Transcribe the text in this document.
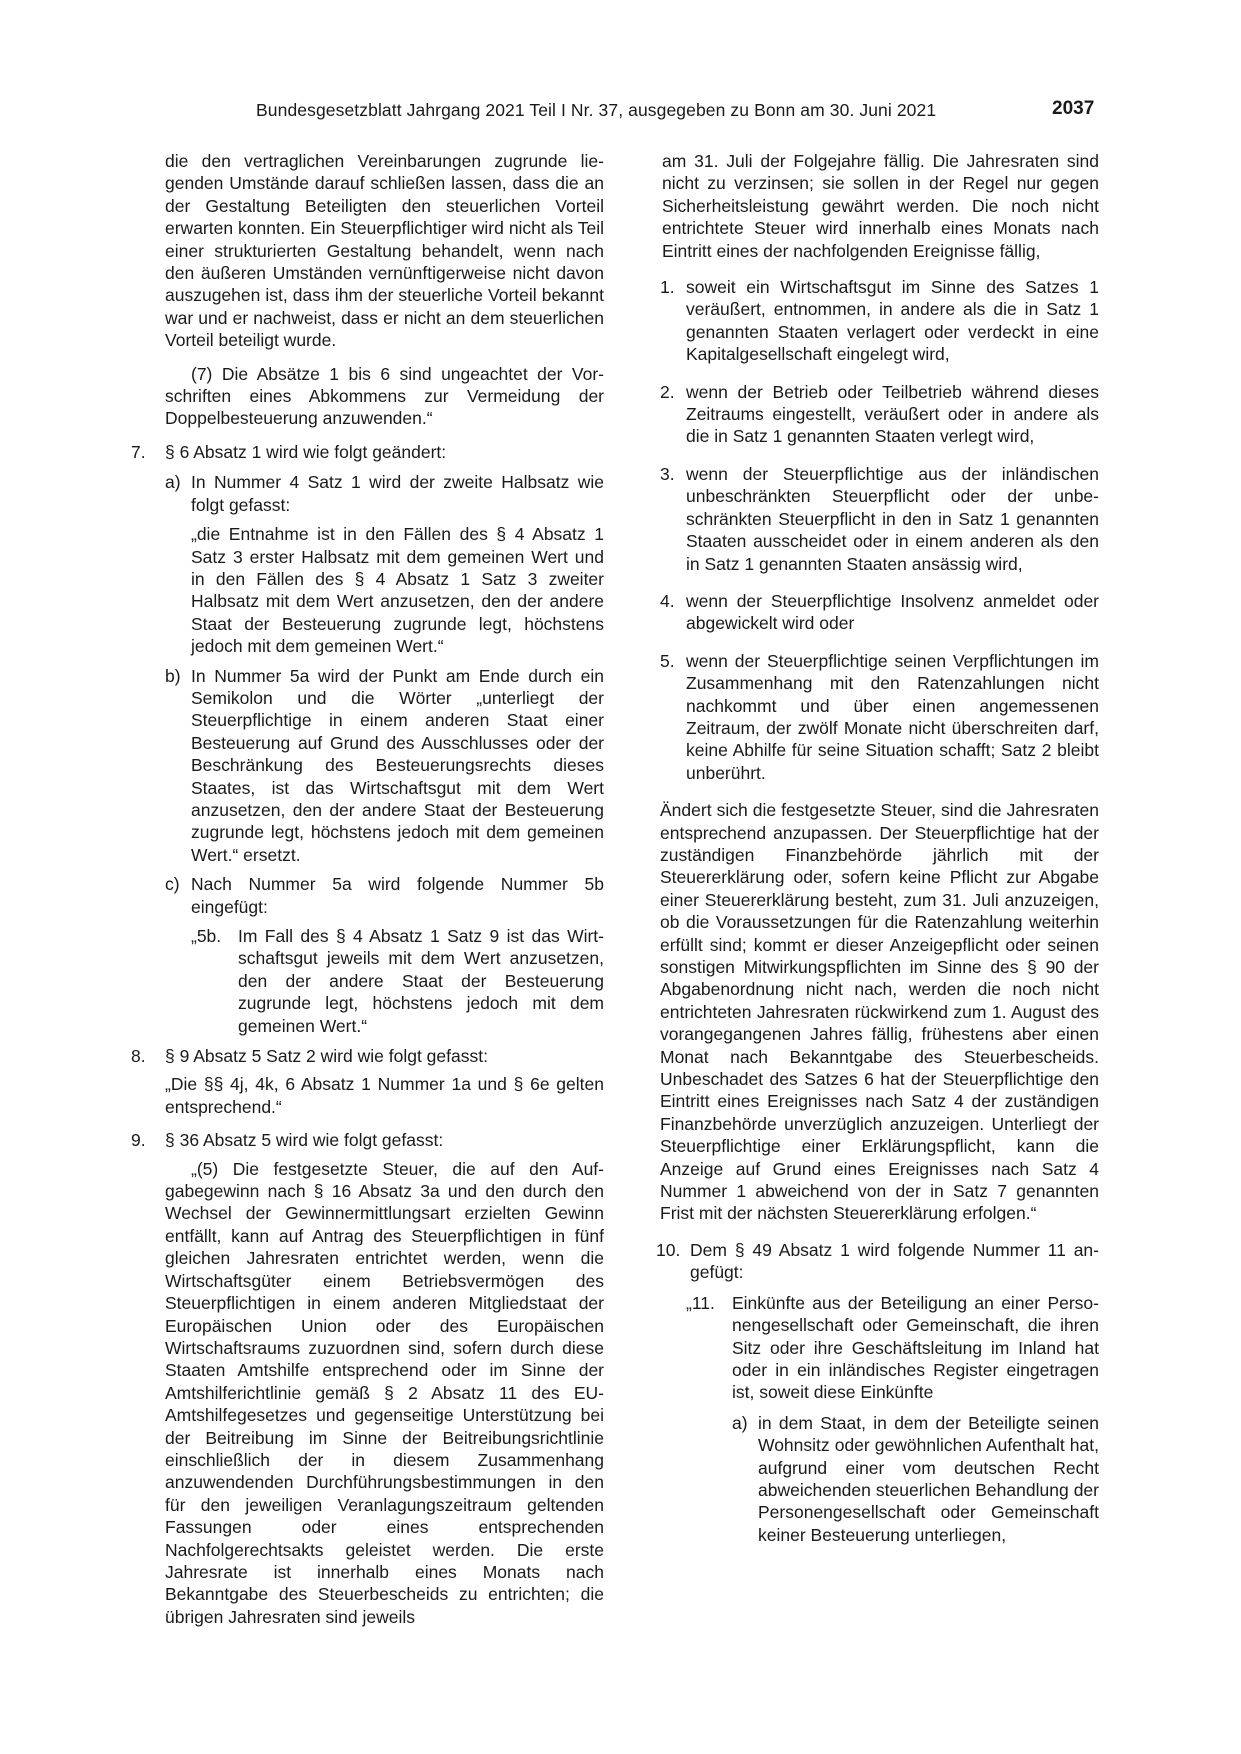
Bundesgesetzblatt Jahrgang 2021 Teil I Nr. 37, ausgegeben zu Bonn am 30. Juni 2021	2037

die den vertraglichen Vereinbarungen zugrunde liegenden Umstände darauf schließen lassen, dass die an der Gestaltung Beteiligten den steuerlichen Vorteil erwarten konnten. Ein Steuerpflichtiger wird nicht als Teil einer strukturierten Gestaltung behandelt, wenn nach den äußeren Umständen vernünftigerweise nicht davon auszugehen ist, dass ihm der steuerliche Vorteil bekannt war und er nachweist, dass er nicht an dem steuerlichen Vorteil beteiligt wurde.

(7) Die Absätze 1 bis 6 sind ungeachtet der Vorschriften eines Abkommens zur Vermeidung der Doppelbesteuerung anzuwenden.“

7.	§ 6 Absatz 1 wird wie folgt geändert:
a) In Nummer 4 Satz 1 wird der zweite Halbsatz wie folgt gefasst:

„die Entnahme ist in den Fällen des § 4 Absatz 1 Satz 3 erster Halbsatz mit dem gemeinen Wert und in den Fällen des § 4 Absatz 1 Satz 3 zweiter Halbsatz mit dem Wert anzusetzen, den der andere Staat der Besteuerung zugrunde legt, höchstens jedoch mit dem gemeinen Wert.“

b) In Nummer 5a wird der Punkt am Ende durch ein Semikolon und die Wörter „unterliegt der Steuerpflichtige in einem anderen Staat einer Besteuerung auf Grund des Ausschlusses oder der Beschränkung des Besteuerungsrechts dieses Staates, ist das Wirtschaftsgut mit dem Wert anzusetzen, den der andere Staat der Besteuerung zugrunde legt, höchstens jedoch mit dem gemeinen Wert.“ ersetzt.
c) Nach Nummer 5a wird folgende Nummer 5b eingefügt:
„5b. Im Fall des § 4 Absatz 1 Satz 9 ist das Wirtschaftsgut jeweils mit dem Wert anzusetzen, den der andere Staat der Besteuerung zugrunde legt, höchstens jedoch mit dem gemeinen Wert.“
8.	§ 9 Absatz 5 Satz 2 wird wie folgt gefasst:

„Die §§ 4j, 4k, 6 Absatz 1 Nummer 1a und § 6e gelten entsprechend.“

9.	§ 36 Absatz 5 wird wie folgt gefasst:

„(5) Die festgesetzte Steuer, die auf den Aufgabegewinn nach § 16 Absatz 3a und den durch den Wechsel der Gewinnermittlungsart erzielten Gewinn entfällt, kann auf Antrag des Steuerpflichtigen in fünf gleichen Jahresraten entrichtet werden, wenn die Wirtschaftsgüter einem Betriebsvermögen des Steuerpflichtigen in einem anderen Mitgliedstaat der Europäischen Union oder des Europäischen Wirtschaftsraums zuzuordnen sind, sofern durch diese Staaten Amtshilfe entsprechend oder im Sinne der Amtshilferichtlinie gemäß § 2 Absatz 11 des EU-Amtshilfegesetzes und gegenseitige Unterstützung bei der Beitreibung im Sinne der Beitreibungsrichtlinie einschließlich der in diesem Zusammenhang anzuwendenden Durchführungsbestimmungen in den für den jeweiligen Veranlagungszeitraum geltenden Fassungen oder eines entsprechenden Nachfolgerechtsakts geleistet werden. Die erste Jahresrate ist innerhalb eines Monats nach Bekanntgabe des Steuerbescheids zu entrichten; die übrigen Jahresraten sind jeweils

am 31. Juli der Folgejahre fällig. Die Jahresraten sind nicht zu verzinsen; sie sollen in der Regel nur gegen Sicherheitsleistung gewährt werden. Die noch nicht entrichtete Steuer wird innerhalb eines Monats nach Eintritt eines der nachfolgenden Ereignisse fällig,

1. soweit ein Wirtschaftsgut im Sinne des Satzes 1 veräußert, entnommen, in andere als die in Satz 1 genannten Staaten verlagert oder verdeckt in eine Kapitalgesellschaft eingelegt wird,
2. wenn der Betrieb oder Teilbetrieb während dieses Zeitraums eingestellt, veräußert oder in andere als die in Satz 1 genannten Staaten verlegt wird,
3. wenn der Steuerpflichtige aus der inländischen unbeschränkten Steuerpflicht oder der unbeschränkten Steuerpflicht in den in Satz 1 genannten Staaten ausscheidet oder in einem anderen als den in Satz 1 genannten Staaten ansässig wird,
4. wenn der Steuerpflichtige Insolvenz anmeldet oder abgewickelt wird oder
5. wenn der Steuerpflichtige seinen Verpflichtungen im Zusammenhang mit den Ratenzahlungen nicht nachkommt und über einen angemessenen Zeitraum, der zwölf Monate nicht überschreiten darf, keine Abhilfe für seine Situation schafft; Satz 2 bleibt unberührt.

Ändert sich die festgesetzte Steuer, sind die Jahresraten entsprechend anzupassen. Der Steuerpflichtige hat der zuständigen Finanzbehörde jährlich mit der Steuererklärung oder, sofern keine Pflicht zur Abgabe einer Steuererklärung besteht, zum 31. Juli anzuzeigen, ob die Voraussetzungen für die Ratenzahlung weiterhin erfüllt sind; kommt er dieser Anzeigepflicht oder seinen sonstigen Mitwirkungspflichten im Sinne des § 90 der Abgabenordnung nicht nach, werden die noch nicht entrichteten Jahresraten rückwirkend zum 1. August des vorangegangenen Jahres fällig, frühestens aber einen Monat nach Bekanntgabe des Steuerbescheids. Unbeschadet des Satzes 6 hat der Steuerpflichtige den Eintritt eines Ereignisses nach Satz 4 der zuständigen Finanzbehörde unverzüglich anzuzeigen. Unterliegt der Steuerpflichtige einer Erklärungspflicht, kann die Anzeige auf Grund eines Ereignisses nach Satz 4 Nummer 1 abweichend von der in Satz 7 genannten Frist mit der nächsten Steuererklärung erfolgen.“

10. Dem § 49 Absatz 1 wird folgende Nummer 11 angefügt:
„11. Einkünfte aus der Beteiligung an einer Personengesellschaft oder Gemeinschaft, die ihren Sitz oder ihre Geschäftsleitung im Inland hat oder in ein inländisches Register eingetragen ist, soweit diese Einkünfte
a) in dem Staat, in dem der Beteiligte seinen Wohnsitz oder gewöhnlichen Aufenthalt hat, aufgrund einer vom deutschen Recht abweichenden steuerlichen Behandlung der Personengesellschaft oder Gemeinschaft keiner Besteuerung unterliegen,
